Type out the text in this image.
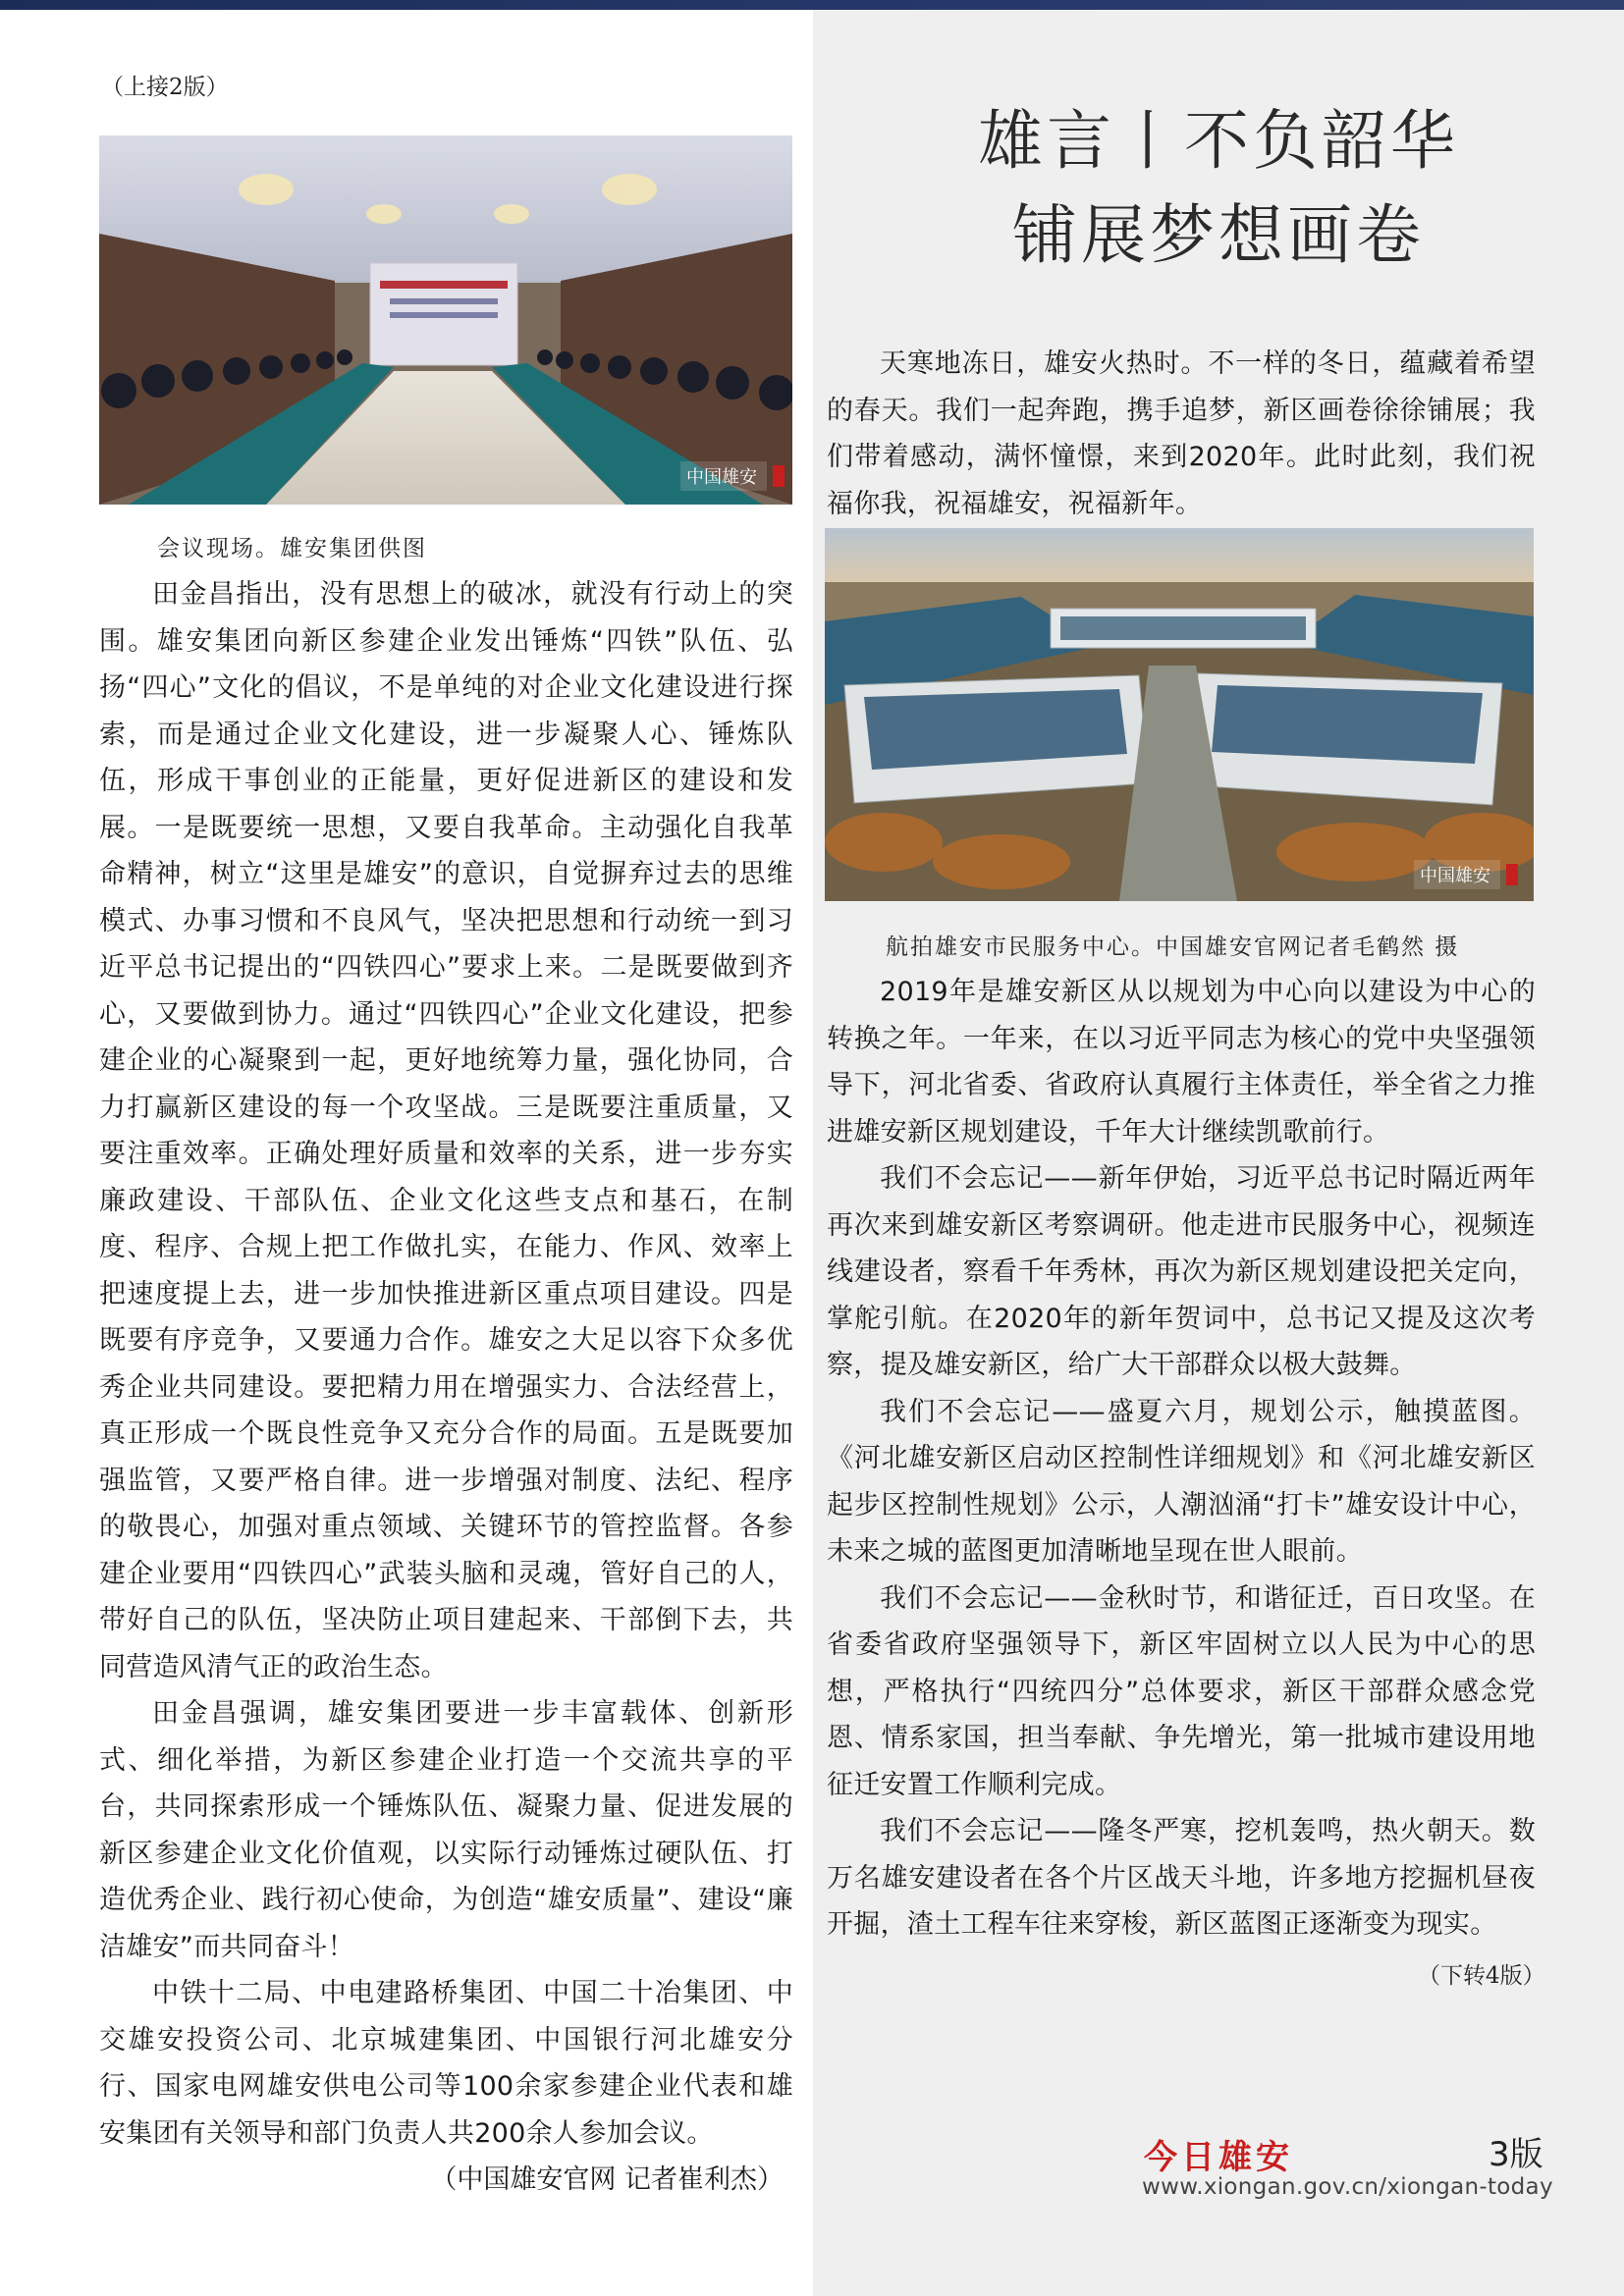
（上接2版）
中国雄安
会议现场。雄安集团供图

田金昌指出，没有思想上的破冰，就没有行动上的突围。雄安集团向新区参建企业发出锤炼“四铁”队伍、弘扬“四心”文化的倡议，不是单纯的对企业文化建设进行探索，而是通过企业文化建设，进一步凝聚人心、锤炼队伍，形成干事创业的正能量，更好促进新区的建设和发展。一是既要统一思想，又要自我革命。主动强化自我革命精神，树立“这里是雄安”的意识，自觉摒弃过去的思维模式、办事习惯和不良风气，坚决把思想和行动统一到习近平总书记提出的“四铁四心”要求上来。二是既要做到齐心，又要做到协力。通过“四铁四心”企业文化建设，把参建企业的心凝聚到一起，更好地统筹力量，强化协同，合力打赢新区建设的每一个攻坚战。三是既要注重质量，又要注重效率。正确处理好质量和效率的关系，进一步夯实廉政建设、干部队伍、企业文化这些支点和基石，在制度、程序、合规上把工作做扎实，在能力、作风、效率上把速度提上去，进一步加快推进新区重点项目建设。四是既要有序竞争，又要通力合作。雄安之大足以容下众多优秀企业共同建设。要把精力用在增强实力、合法经营上，真正形成一个既良性竞争又充分合作的局面。五是既要加强监管，又要严格自律。进一步增强对制度、法纪、程序的敬畏心，加强对重点领域、关键环节的管控监督。各参建企业要用“四铁四心”武装头脑和灵魂，管好自己的人，带好自己的队伍，坚决防止项目建起来、干部倒下去，共同营造风清气正的政治生态。

田金昌强调，雄安集团要进一步丰富载体、创新形式、细化举措，为新区参建企业打造一个交流共享的平台，共同探索形成一个锤炼队伍、凝聚力量、促进发展的新区参建企业文化价值观，以实际行动锤炼过硬队伍、打造优秀企业、践行初心使命，为创造“雄安质量”、建设“廉洁雄安”而共同奋斗！

中铁十二局、中电建路桥集团、中国二十冶集团、中交雄安投资公司、北京城建集团、中国银行河北雄安分行、国家电网雄安供电公司等100余家参建企业代表和雄安集团有关领导和部门负责人共200余人参加会议。

（中国雄安官网 记者崔利杰）
雄言丨不负韶华
铺展梦想画卷

天寒地冻日，雄安火热时。不一样的冬日，蕴藏着希望的春天。我们一起奔跑，携手追梦，新区画卷徐徐铺展；我们带着感动，满怀憧憬，来到2020年。此时此刻，我们祝福你我，祝福雄安，祝福新年。

中国雄安
航拍雄安市民服务中心。中国雄安官网记者毛鹤然 摄

2019年是雄安新区从以规划为中心向以建设为中心的转换之年。一年来，在以习近平同志为核心的党中央坚强领导下，河北省委、省政府认真履行主体责任，举全省之力推进雄安新区规划建设，千年大计继续凯歌前行。

我们不会忘记——新年伊始，习近平总书记时隔近两年再次来到雄安新区考察调研。他走进市民服务中心，视频连线建设者，察看千年秀林，再次为新区规划建设把关定向，掌舵引航。在2020年的新年贺词中，总书记又提及这次考察，提及雄安新区，给广大干部群众以极大鼓舞。

我们不会忘记——盛夏六月，规划公示，触摸蓝图。《河北雄安新区启动区控制性详细规划》和《河北雄安新区起步区控制性规划》公示，人潮汹涌“打卡”雄安设计中心，未来之城的蓝图更加清晰地呈现在世人眼前。

我们不会忘记——金秋时节，和谐征迁，百日攻坚。在省委省政府坚强领导下，新区牢固树立以人民为中心的思想，严格执行“四统四分”总体要求，新区干部群众感念党恩、情系家国，担当奉献、争先增光，第一批城市建设用地征迁安置工作顺利完成。

我们不会忘记——隆冬严寒，挖机轰鸣，热火朝天。数万名雄安建设者在各个片区战天斗地，许多地方挖掘机昼夜开掘，渣土工程车往来穿梭，新区蓝图正逐渐变为现实。

（下转4版）
今日雄安	3版
www.xiongan.gov.cn/xiongan-today
